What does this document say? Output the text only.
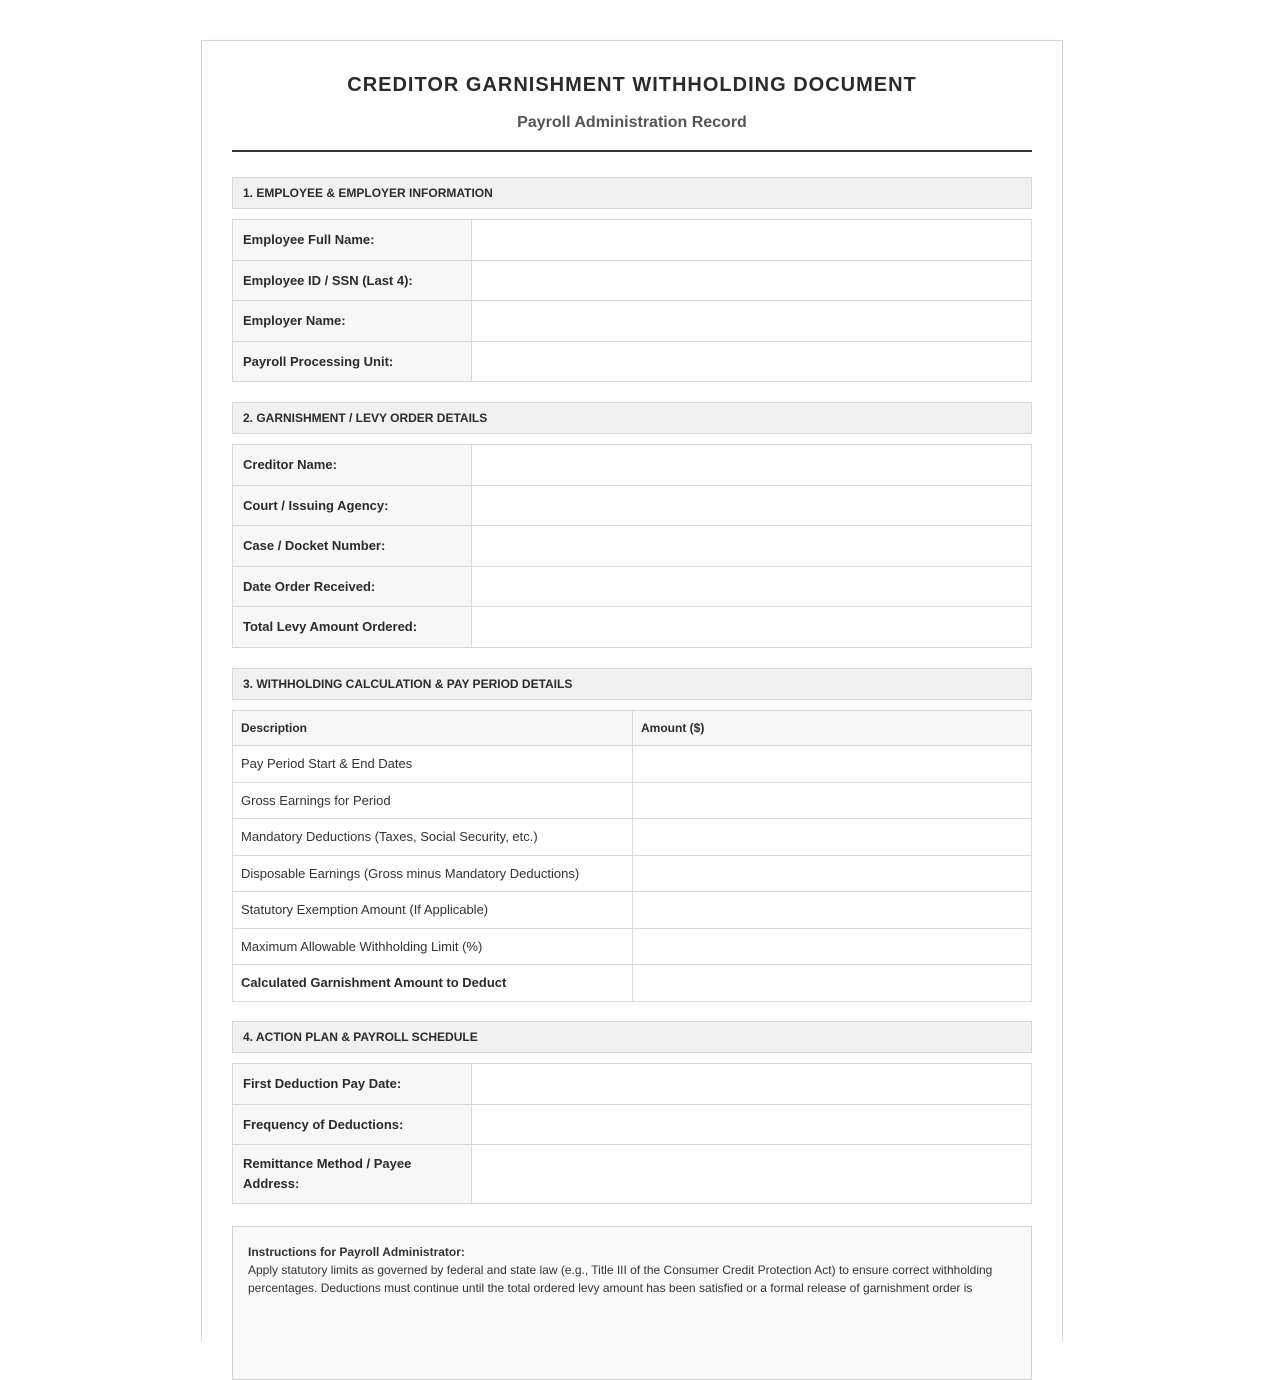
CREDITOR GARNISHMENT WITHHOLDING DOCUMENT
Payroll Administration Record
1. EMPLOYEE & EMPLOYER INFORMATION
Employee Full Name:	
Employee ID / SSN (Last 4):	
Employer Name:	
Payroll Processing Unit:	
2. GARNISHMENT / LEVY ORDER DETAILS
Creditor Name:	
Court / Issuing Agency:	
Case / Docket Number:	
Date Order Received:	
Total Levy Amount Ordered:	
3. WITHHOLDING CALCULATION & PAY PERIOD DETAILS
Description	Amount ($)
Pay Period Start & End Dates	
Gross Earnings for Period	
Mandatory Deductions (Taxes, Social Security, etc.)	
Disposable Earnings (Gross minus Mandatory Deductions)	
Statutory Exemption Amount (If Applicable)	
Maximum Allowable Withholding Limit (%)	
Calculated Garnishment Amount to Deduct	
4. ACTION PLAN & PAYROLL SCHEDULE
First Deduction Pay Date:	
Frequency of Deductions:	
Remittance Method / Payee Address:	
Instructions for Payroll Administrator:
Apply statutory limits as governed by federal and state law (e.g., Title III of the Consumer Credit Protection Act) to ensure correct withholding percentages. Deductions must continue until the total ordered levy amount has been satisfied or a formal release of garnishment order is
